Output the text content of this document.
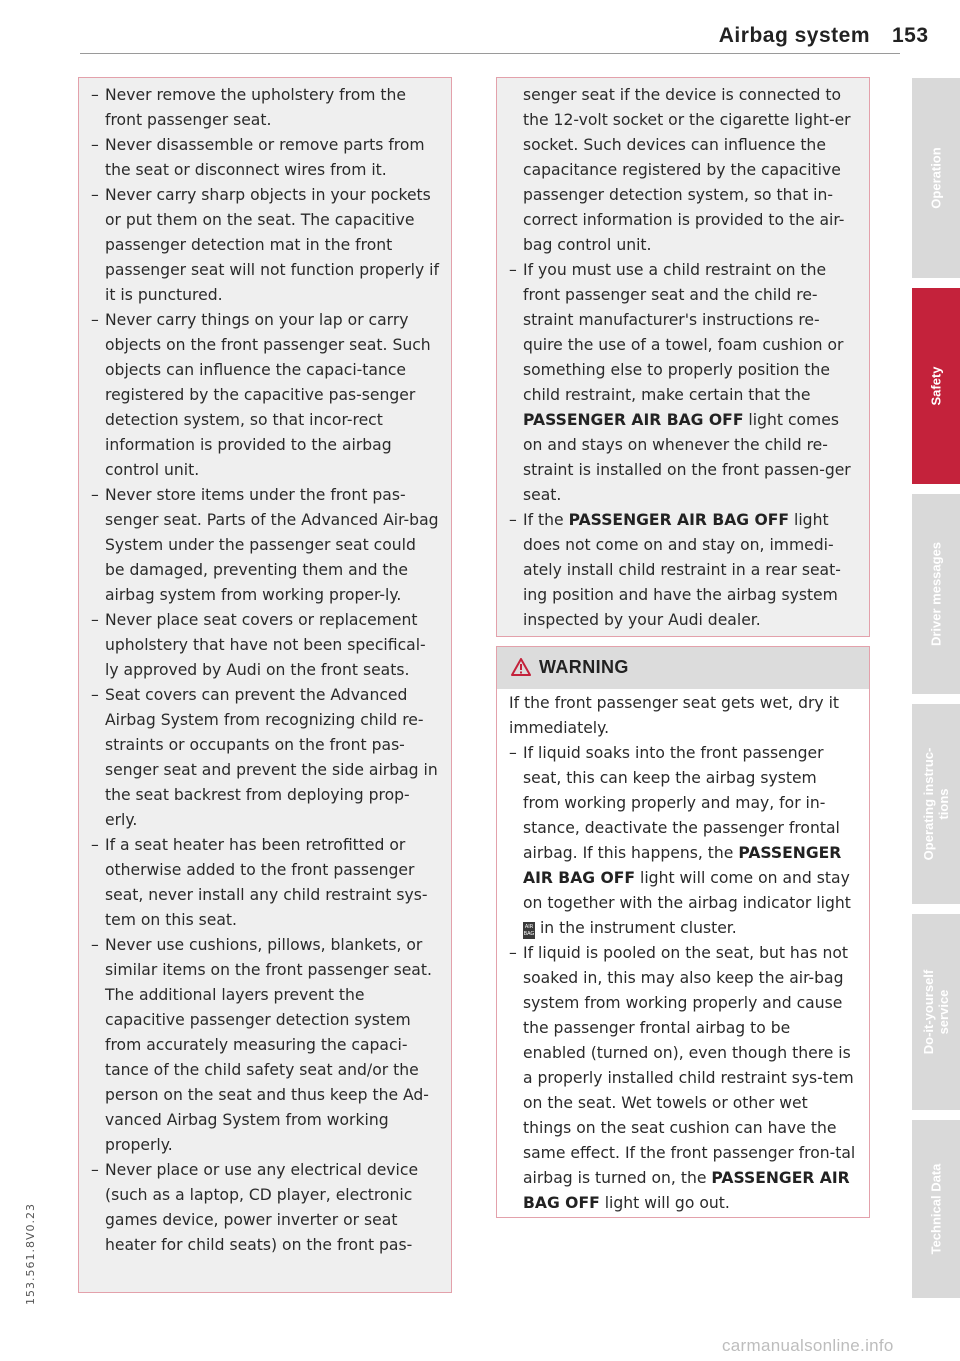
Airbag system 153
– Never remove the upholstery from the front passenger seat.
– Never disassemble or remove parts from the seat or disconnect wires from it.
– Never carry sharp objects in your pockets or put them on the seat. The capacitive passenger detection mat in the front passenger seat will not function properly if it is punctured.
– Never carry things on your lap or carry objects on the front passenger seat. Such objects can influence the capaci-tance registered by the capacitive pas-senger detection system, so that incor-rect information is provided to the airbag control unit.
– Never store items under the front pas-senger seat. Parts of the Advanced Air-bag System under the passenger seat could be damaged, preventing them and the airbag system from working proper-ly.
– Never place seat covers or replacement upholstery that have not been specifical-ly approved by Audi on the front seats.
– Seat covers can prevent the Advanced Airbag System from recognizing child re-straints or occupants on the front pas-senger seat and prevent the side airbag in the seat backrest from deploying prop-erly.
– If a seat heater has been retrofitted or otherwise added to the front passenger seat, never install any child restraint sys-tem on this seat.
– Never use cushions, pillows, blankets, or similar items on the front passenger seat. The additional layers prevent the capacitive passenger detection system from accurately measuring the capaci-tance of the child safety seat and/or the person on the seat and thus keep the Ad-vanced Airbag System from working properly.
– Never place or use any electrical device (such as a laptop, CD player, electronic games device, power inverter or seat heater for child seats) on the front pas-

senger seat if the device is connected to the 12-volt socket or the cigarette light-er socket. Such devices can influence the capacitance registered by the capacitive passenger detection system, so that in-correct information is provided to the air-bag control unit.

– If you must use a child restraint on the front passenger seat and the child re-straint manufacturer's instructions re-quire the use of a towel, foam cushion or something else to properly position the child restraint, make certain that the PASSENGER AIR BAG OFF light comes on and stays on whenever the child re-straint is installed on the front passen-ger seat.
– If the PASSENGER AIR BAG OFF light does not come on and stay on, immedi-ately install child restraint in a rear seat-ing position and have the airbag system inspected by your Audi dealer.
WARNING

If the front passenger seat gets wet, dry it immediately.

– If liquid soaks into the front passenger seat, this can keep the airbag system from working properly and may, for in-stance, deactivate the passenger frontal airbag. If this happens, the PASSENGER AIR BAG OFF light will come on and stay on together with the airbag indicator light AIR
BAG in the instrument cluster.
– If liquid is pooled on the seat, but has not soaked in, this may also keep the air-bag system from working properly and cause the passenger frontal airbag to be enabled (turned on), even though there is a properly installed child restraint sys-tem on the seat. Wet towels or other wet things on the seat cushion can have the same effect. If the front passenger fron-tal airbag is turned on, the PASSENGER AIR BAG OFF light will go out.
Operation
Safety
Driver messages
Operating instruc-
tions
Do-it-yourself
service
Technical Data
153.561.8V0.23
carmanualsonline.info
